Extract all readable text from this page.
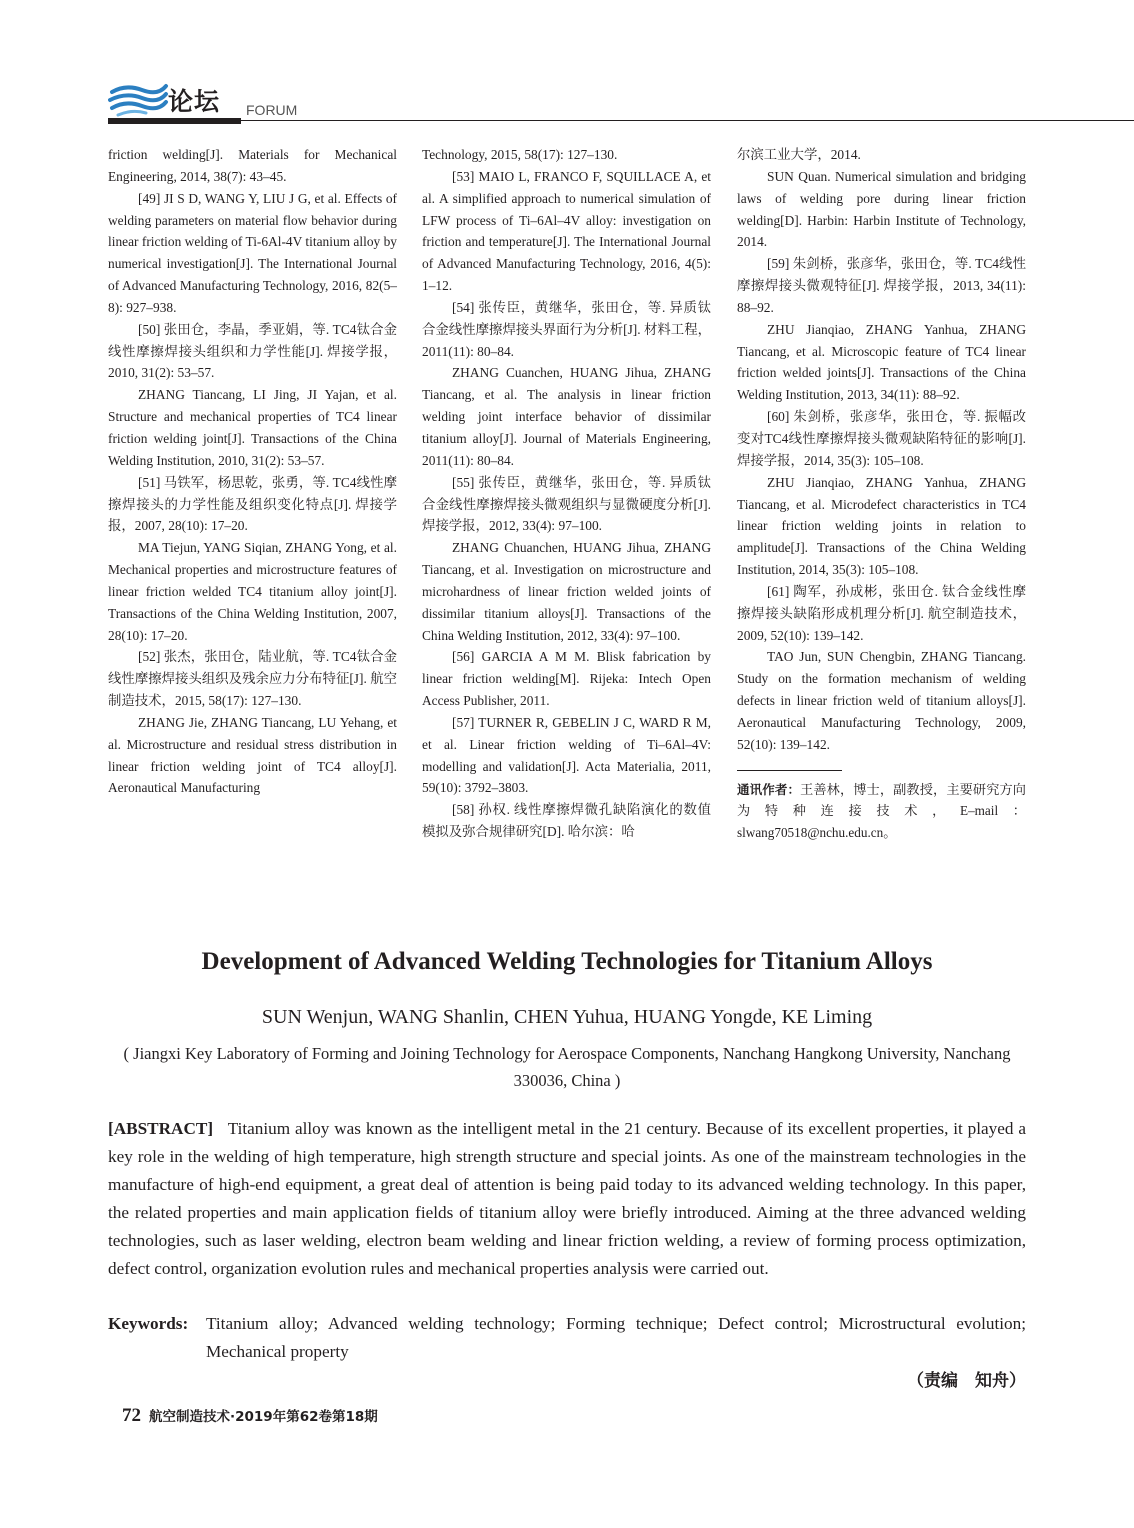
论坛 FORUM

friction welding[J]. Materials for Mechanical Engineering, 2014, 38(7): 43–45.

[49] JI S D, WANG Y, LIU J G, et al. Effects of welding parameters on material flow behavior during linear friction welding of Ti-6Al-4V titanium alloy by numerical investigation[J]. The International Journal of Advanced Manufacturing Technology, 2016, 82(5–8): 927–938.

[50] 张田仓，李晶，季亚娟，等. TC4钛合金线性摩擦焊接头组织和力学性能[J]. 焊接学报，2010, 31(2): 53–57.

ZHANG Tiancang, LI Jing, JI Yajan, et al. Structure and mechanical properties of TC4 linear friction welding joint[J]. Transactions of the China Welding Institution, 2010, 31(2): 53–57.

[51] 马铁军，杨思乾，张勇，等. TC4线性摩擦焊接头的力学性能及组织变化特点[J]. 焊接学报，2007, 28(10): 17–20.

MA Tiejun, YANG Siqian, ZHANG Yong, et al. Mechanical properties and microstructure features of linear friction welded TC4 titanium alloy joint[J]. Transactions of the China Welding Institution, 2007, 28(10): 17–20.

[52] 张杰，张田仓，陆业航，等. TC4钛合金线性摩擦焊接头组织及残余应力分布特征[J]. 航空制造技术，2015, 58(17): 127–130.

ZHANG Jie, ZHANG Tiancang, LU Yehang, et al. Microstructure and residual stress distribution in linear friction welding joint of TC4 alloy[J]. Aeronautical Manufacturing

Technology, 2015, 58(17): 127–130.

[53] MAIO L, FRANCO F, SQUILLACE A, et al. A simplified approach to numerical simulation of LFW process of Ti–6Al–4V alloy: investigation on friction and temperature[J]. The International Journal of Advanced Manufacturing Technology, 2016, 4(5): 1–12.

[54] 张传臣，黄继华，张田仓，等. 异质钛合金线性摩擦焊接头界面行为分析[J]. 材料工程，2011(11): 80–84.

ZHANG Cuanchen, HUANG Jihua, ZHANG Tiancang, et al. The analysis in linear friction welding joint interface behavior of dissimilar titanium alloy[J]. Journal of Materials Engineering, 2011(11): 80–84.

[55] 张传臣，黄继华，张田仓，等. 异质钛合金线性摩擦焊接头微观组织与显微硬度分析[J]. 焊接学报，2012, 33(4): 97–100.

ZHANG Chuanchen, HUANG Jihua, ZHANG Tiancang, et al. Investigation on microstructure and microhardness of linear friction welded joints of dissimilar titanium alloys[J]. Transactions of the China Welding Institution, 2012, 33(4): 97–100.

[56] GARCIA A M M. Blisk fabrication by linear friction welding[M]. Rijeka: Intech Open Access Publisher, 2011.

[57] TURNER R, GEBELIN J C, WARD R M, et al. Linear friction welding of Ti–6Al–4V: modelling and validation[J]. Acta Materialia, 2011, 59(10): 3792–3803.

[58] 孙权. 线性摩擦焊微孔缺陷演化的数值模拟及弥合规律研究[D]. 哈尔滨：哈

尔滨工业大学，2014.

SUN Quan. Numerical simulation and bridging laws of welding pore during linear friction welding[D]. Harbin: Harbin Institute of Technology, 2014.

[59] 朱剑桥，张彦华，张田仓，等. TC4线性摩擦焊接头微观特征[J]. 焊接学报，2013, 34(11): 88–92.

ZHU Jianqiao, ZHANG Yanhua, ZHANG Tiancang, et al. Microscopic feature of TC4 linear friction welded joints[J]. Transactions of the China Welding Institution, 2013, 34(11): 88–92.

[60] 朱剑桥，张彦华，张田仓，等. 振幅改变对TC4线性摩擦焊接头微观缺陷特征的影响[J]. 焊接学报，2014, 35(3): 105–108.

ZHU Jianqiao, ZHANG Yanhua, ZHANG Tiancang, et al. Microdefect characteristics in TC4 linear friction welding joints in relation to amplitude[J]. Transactions of the China Welding Institution, 2014, 35(3): 105–108.

[61] 陶军，孙成彬，张田仓. 钛合金线性摩擦焊接头缺陷形成机理分析[J]. 航空制造技术，2009, 52(10): 139–142.

TAO Jun, SUN Chengbin, ZHANG Tiancang. Study on the formation mechanism of welding defects in linear friction weld of titanium alloys[J]. Aeronautical Manufacturing Technology, 2009, 52(10): 139–142.

通讯作者：王善林，博士，副教授，主要研究方向为特种连接技术，E–mail：slwang70518@nchu.edu.cn。

Development of Advanced Welding Technologies for Titanium Alloys
SUN Wenjun, WANG Shanlin, CHEN Yuhua, HUANG Yongde, KE Liming
( Jiangxi Key Laboratory of Forming and Joining Technology for Aerospace Components, Nanchang Hangkong University, Nanchang 330036, China )

[ABSTRACT] Titanium alloy was known as the intelligent metal in the 21 century. Because of its excellent properties, it played a key role in the welding of high temperature, high strength structure and special joints. As one of the mainstream technologies in the manufacture of high-end equipment, a great deal of attention is being paid today to its advanced welding technology. In this paper, the related properties and main application fields of titanium alloy were briefly introduced. Aiming at the three advanced welding technologies, such as laser welding, electron beam welding and linear friction welding, a review of forming process optimization, defect control, organization evolution rules and mechanical properties analysis were carried out.

Keywords: Titanium alloy; Advanced welding technology; Forming technique; Defect control; Microstructural evolution; Mechanical property
（责编　知舟）
72 航空制造技术·2019年第62卷第18期
